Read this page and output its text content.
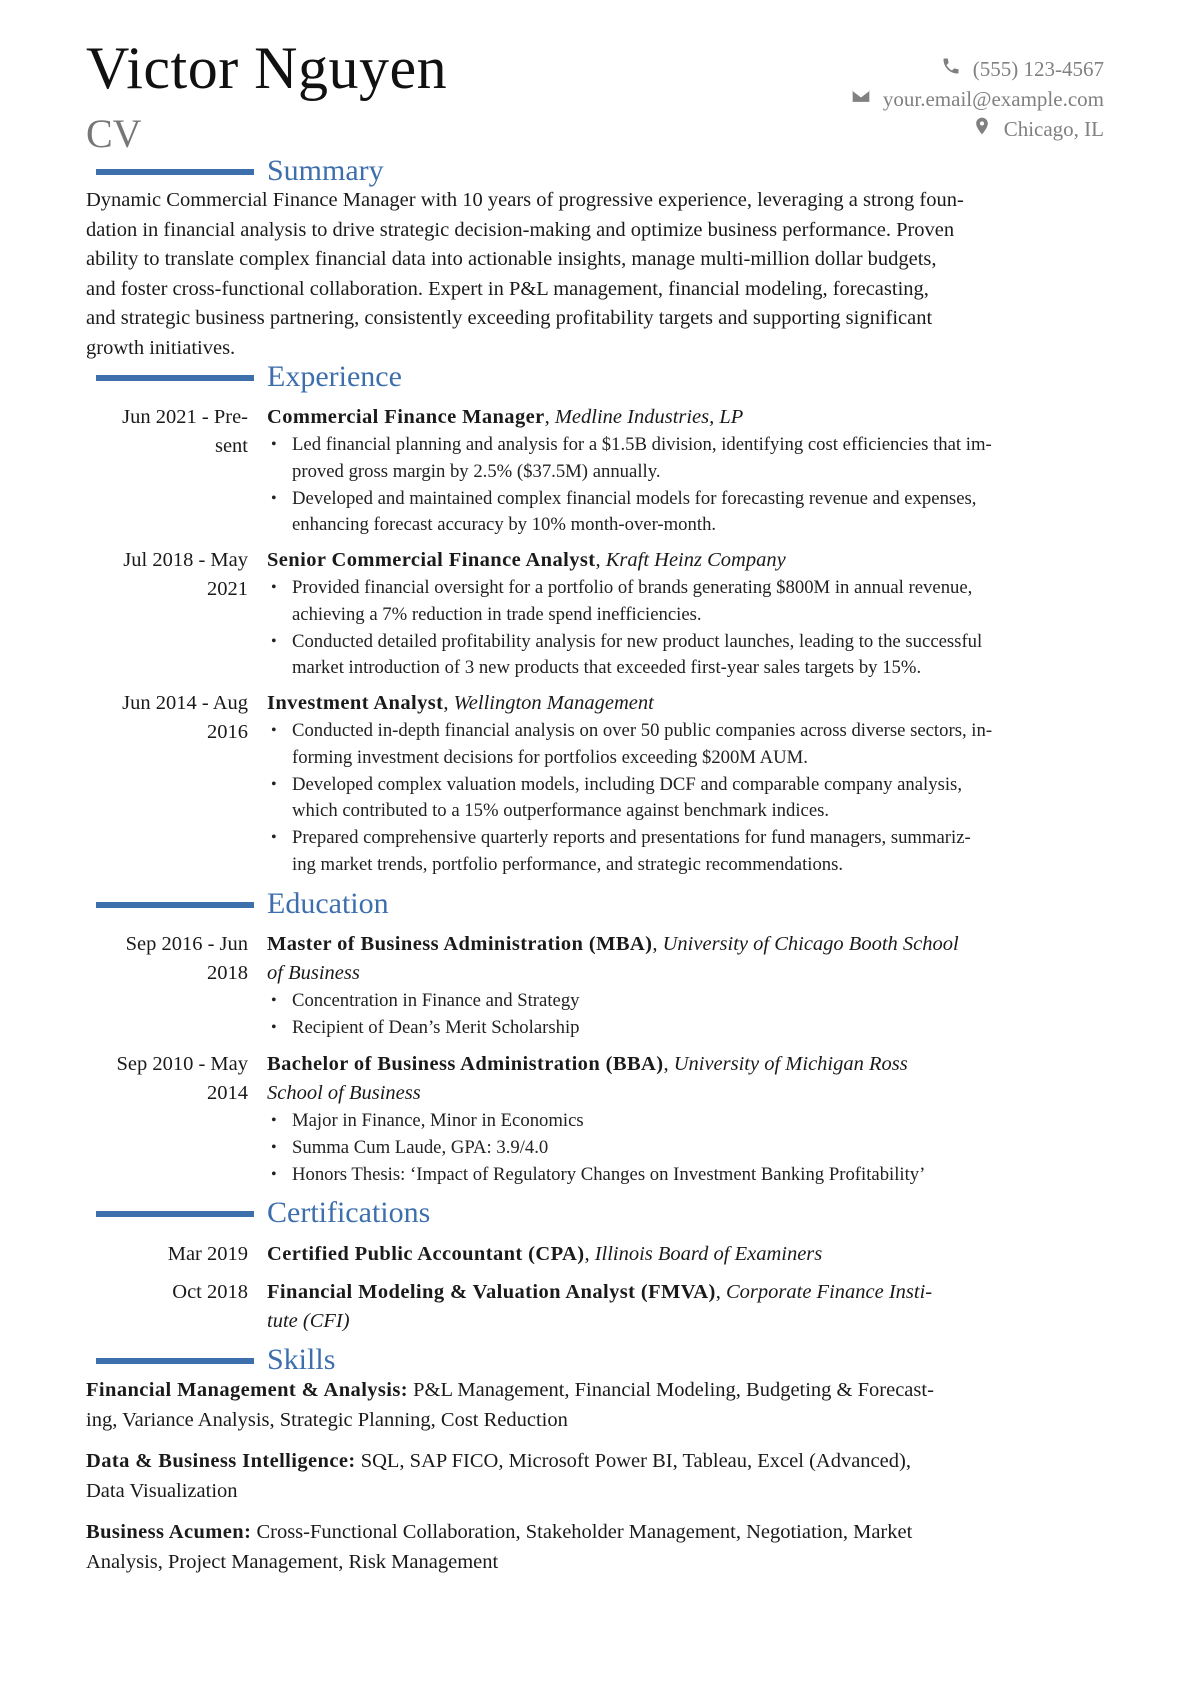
Victor Nguyen
CV
(555) 123-4567
your.email@example.com
Chicago, IL
Summary
Dynamic Commercial Finance Manager with 10 years of progressive experience, leveraging a strong foun-
dation in financial analysis to drive strategic decision-making and optimize business performance. Proven
ability to translate complex financial data into actionable insights, manage multi-million dollar budgets,
and foster cross-functional collaboration. Expert in P&L management, financial modeling, forecasting,
and strategic business partnering, consistently exceeding profitability targets and supporting significant
growth initiatives.
Experience
Jun 2021 - Pre-
sent
Commercial Finance Manager, Medline Industries, LP
• Led financial planning and analysis for a $1.5B division, identifying cost efficiencies that im-
proved gross margin by 2.5% ($37.5M) annually.
• Developed and maintained complex financial models for forecasting revenue and expenses,
enhancing forecast accuracy by 10% month-over-month.
Jul 2018 - May
2021
Senior Commercial Finance Analyst, Kraft Heinz Company
• Provided financial oversight for a portfolio of brands generating $800M in annual revenue,
achieving a 7% reduction in trade spend inefficiencies.
• Conducted detailed profitability analysis for new product launches, leading to the successful
market introduction of 3 new products that exceeded first-year sales targets by 15%.
Jun 2014 - Aug
2016
Investment Analyst, Wellington Management
• Conducted in-depth financial analysis on over 50 public companies across diverse sectors, in-
forming investment decisions for portfolios exceeding $200M AUM.
• Developed complex valuation models, including DCF and comparable company analysis,
which contributed to a 15% outperformance against benchmark indices.
• Prepared comprehensive quarterly reports and presentations for fund managers, summariz-
ing market trends, portfolio performance, and strategic recommendations.
Education
Sep 2016 - Jun
2018
Master of Business Administration (MBA), University of Chicago Booth School
of Business
• Concentration in Finance and Strategy
• Recipient of Dean’s Merit Scholarship
Sep 2010 - May
2014
Bachelor of Business Administration (BBA), University of Michigan Ross
School of Business
• Major in Finance, Minor in Economics
• Summa Cum Laude, GPA: 3.9/4.0
• Honors Thesis: ‘Impact of Regulatory Changes on Investment Banking Profitability’
Certifications
Mar 2019 Certified Public Accountant (CPA), Illinois Board of Examiners
Oct 2018 Financial Modeling & Valuation Analyst (FMVA), Corporate Finance Insti-
tute (CFI)
Skills
Financial Management & Analysis: P&L Management, Financial Modeling, Budgeting & Forecast-
ing, Variance Analysis, Strategic Planning, Cost Reduction
Data & Business Intelligence: SQL, SAP FICO, Microsoft Power BI, Tableau, Excel (Advanced),
Data Visualization
Business Acumen: Cross-Functional Collaboration, Stakeholder Management, Negotiation, Market
Analysis, Project Management, Risk Management
